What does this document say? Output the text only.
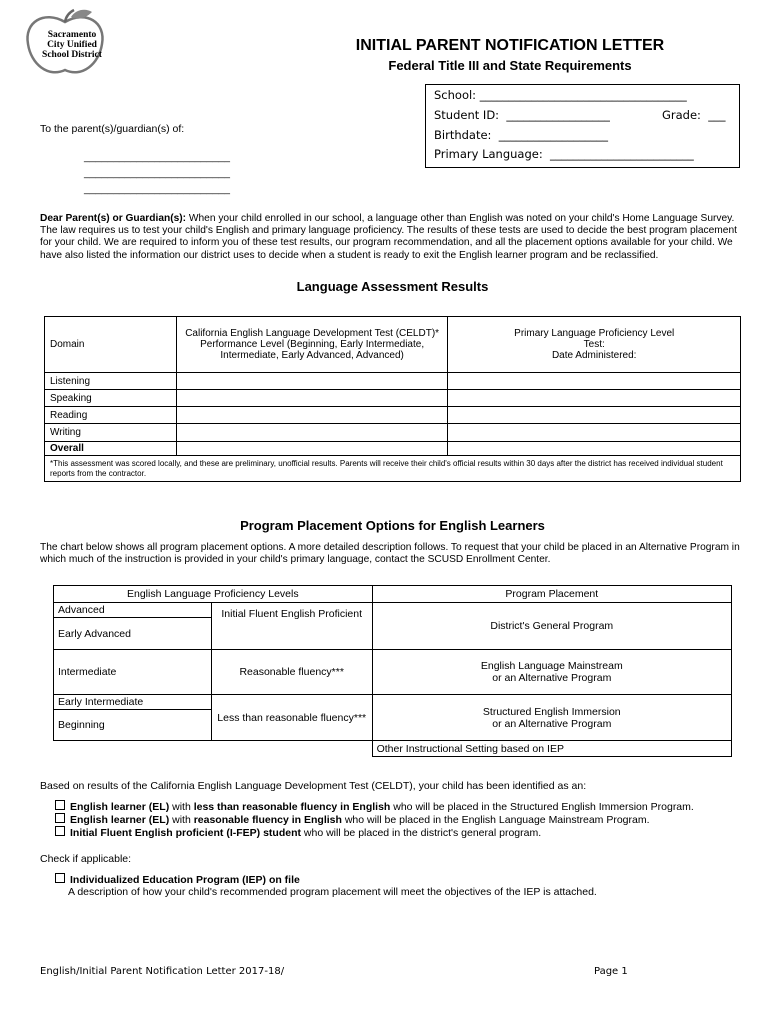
Sacramento
City Unified
School District
INITIAL PARENT NOTIFICATION LETTER
Federal Title III and State Requirements
School: ____________________________________
Student ID:  __________________	Grade:  ___
Birthdate:  ___________________
Primary Language:  _________________________
To the parent(s)/guardian(s) of:
_________________________
_________________________
_________________________
Dear Parent(s) or Guardian(s): When your child enrolled in our school, a language other than English was noted on your child's Home Language Survey. The law requires us to test your child's English and primary language proficiency. The results of these tests are used to decide the best program placement for your child. We are required to inform you of these test results, our program recommendation, and all the placement options available for your child. We have also listed the information our district uses to decide when a student is ready to exit the English learner program and be reclassified.
Language Assessment Results
Domain	California English Language Development Test (CELDT)* Performance Level (Beginning, Early Intermediate, Intermediate, Early Advanced, Advanced)	Primary Language Proficiency Level
Test:
Date Administered:

Listening		
Speaking		
Reading		
Writing		
Overall		
*This assessment was scored locally, and these are preliminary, unofficial results. Parents will receive their child's official results within 30 days after the district has received individual student reports from the contractor.		
Program Placement Options for English Learners
The chart below shows all program placement options. A more detailed description follows. To request that your child be placed in an Alternative Program in which much of the instruction is provided in your child's primary language, contact the SCUSD Enrollment Center.
English Language Proficiency Levels		Program Placement
Advanced	Initial Fluent English Proficient	District's General Program
Early Advanced		
Intermediate	Reasonable fluency***	English Language Mainstream
or an Alternative Program

Early Intermediate	Less than reasonable fluency***	Structured English Immersion
or an Alternative Program

Beginning		
		Other Instructional Setting based on IEP
Based on results of the California English Language Development Test (CELDT), your child has been identified as an:
English learner (EL) with less than reasonable fluency in English who will be placed in the Structured English Immersion Program.
English learner (EL) with reasonable fluency in English who will be placed in the English Language Mainstream Program.
Initial Fluent English proficient (I-FEP) student who will be placed in the district's general program.
Check if applicable:
Individualized Education Program (IEP) on file
A description of how your child's recommended program placement will meet the objectives of the IEP is attached.
English/Initial Parent Notification Letter 2017-18/	Page 1
